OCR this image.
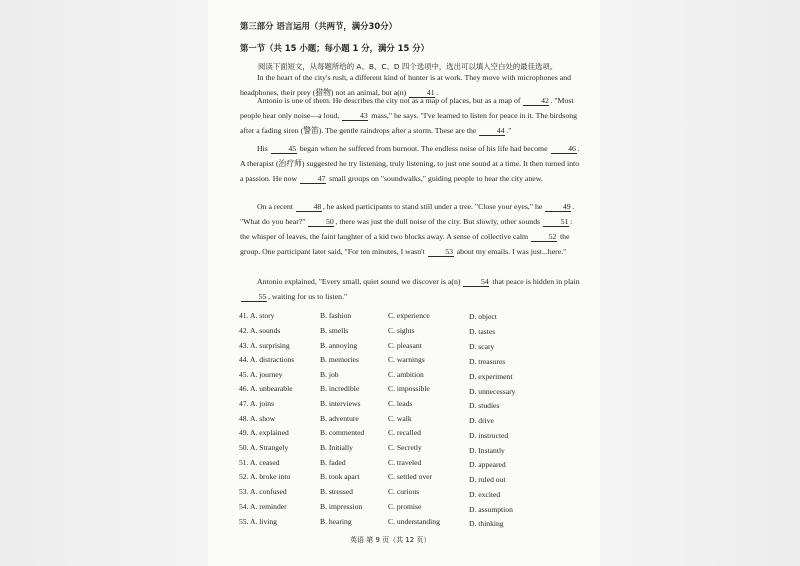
第三部分 语言运用（共两节，满分30分）
第一节（共 15 小题；每小题 1 分，满分 15 分）
阅读下面短文，从每题所给的 A、B、C、D 四个选项中，选出可以填入空白处的最佳选项。
In the heart of the city's rush, a different kind of hunter is at work. They move with microphones and headphones, their prey (猎物) not an animal, but a(n) 41 .
Antonio is one of them. He describes the city not as a map of places, but as a map of 42 . "Most people hear only noise—a loud, 43 mass," he says. "I've learned to listen for peace in it. The birdsong after a fading siren (警笛). The gentle raindrops after a storm. These are the 44 ."
His 45 began when he suffered from burnout. The endless noise of his life had become 46 . A therapist (治疗师) suggested he try listening, truly listening, to just one sound at a time. It then turned into a passion. He now 47 small groups on "soundwalks," guiding people to hear the city anew.
On a recent 48 , he asked participants to stand still under a tree. "Close your eyes," he 49 . "What do you hear?" 50 , there was just the dull noise of the city. But slowly, other sounds 51 : the whisper of leaves, the faint laughter of a kid two blocks away. A sense of collective calm 52 the group. One participant later said, "For ten minutes, I wasn't 53 about my emails. I was just...here."
Antonio explained, "Every small, quiet sound we discover is a(n) 54 that peace is hidden in plain 55 , waiting for us to listen."
41. A. story	B. fashion	C. experience	D. object
42. A. sounds	B. smells	C. sights	D. tastes
43. A. surprising	B. annoying	C. pleasant	D. scary
44. A. distractions	B. memories	C. warnings	D. treasures
45. A. journey	B. job	C. ambition	D. experiment
46. A. unbearable	B. incredible	C. impossible	D. unnecessary
47. A. joins	B. interviews	C. leads	D. studies
48. A. show	B. adventure	C. walk	D. drive
49. A. explained	B. commented	C. recalled	D. instructed
50. A. Strangely	B. Initially	C. Secretly	D. Instantly
51. A. ceased	B. faded	C. traveled	D. appeared
52. A. broke into	B. took apart	C. settled over	D. ruled out
53. A. confused	B. stressed	C. curious	D. excited
54. A. reminder	B. impression	C. promise	D. assumption
55. A. living	B. hearing	C. understanding	D. thinking
英语 第 9 页（共 12 页）
